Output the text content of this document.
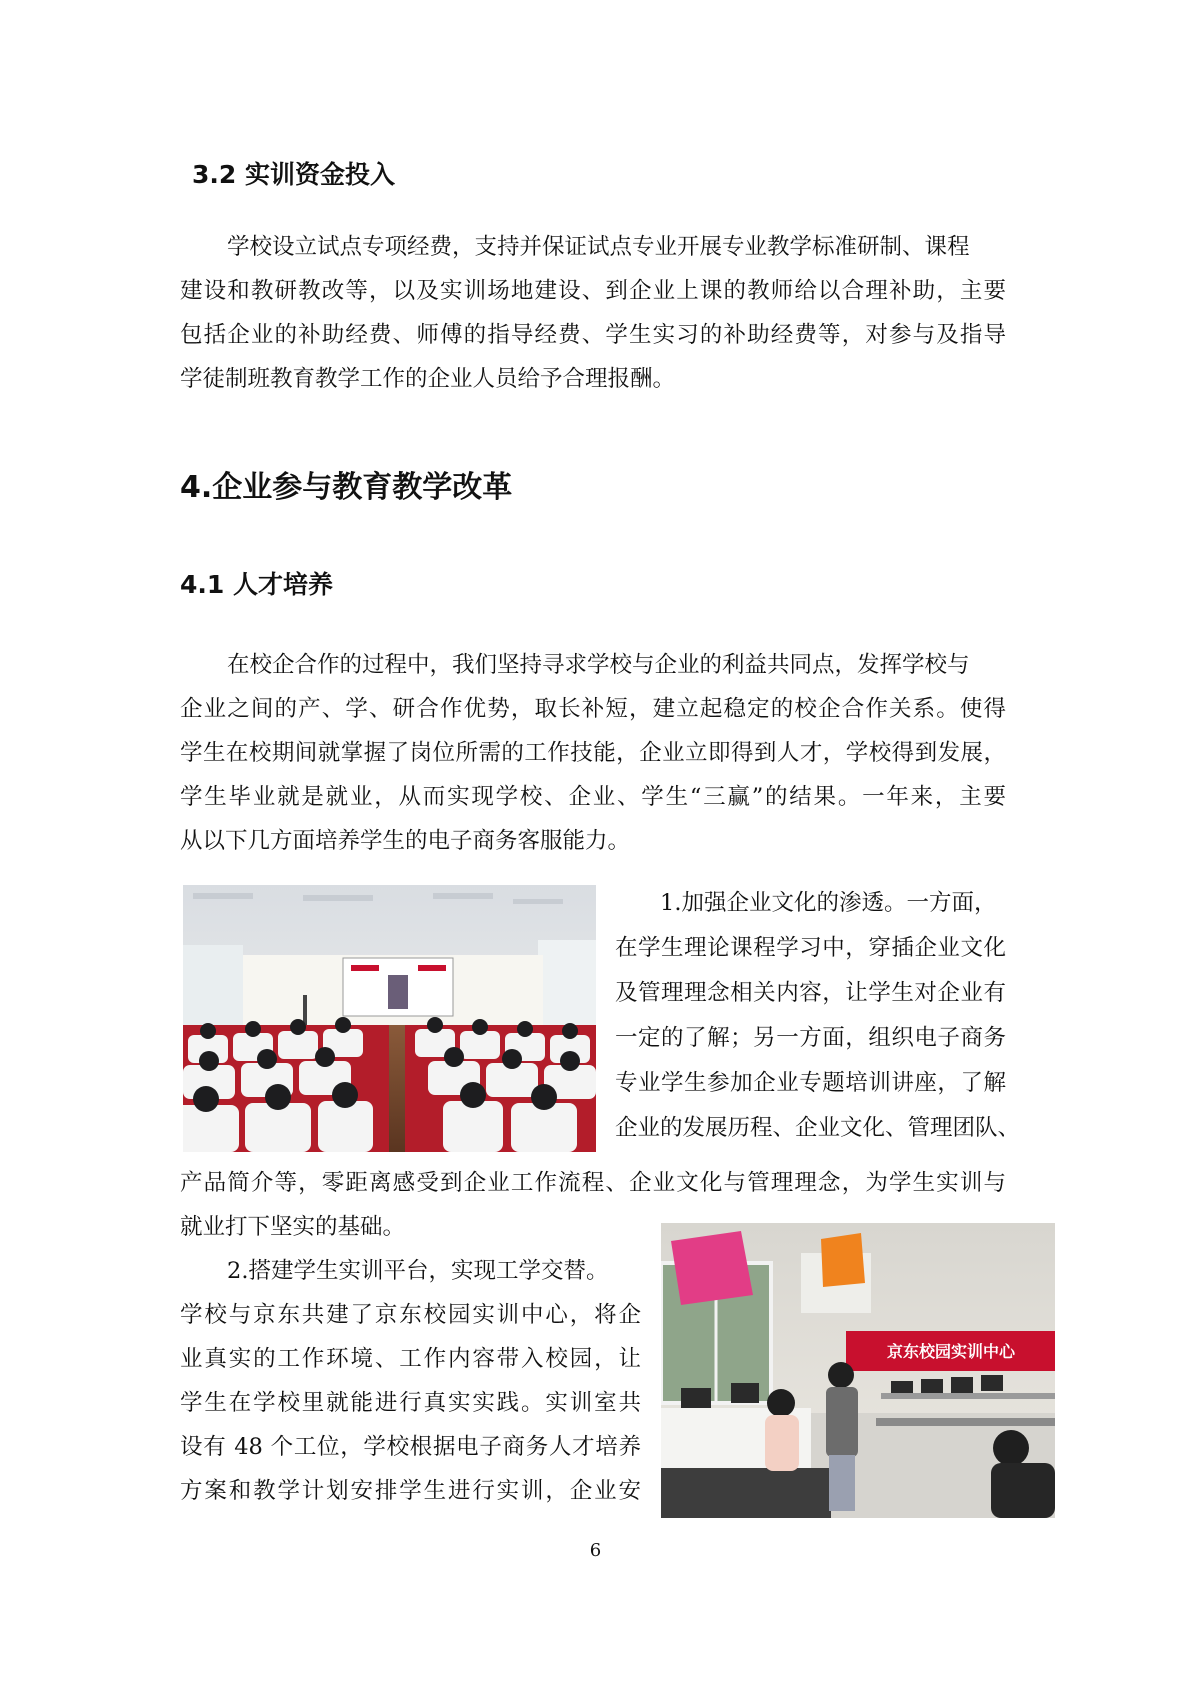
3.2 实训资金投入

学校设立试点专项经费，支持并保证试点专业开展专业教学标准研制、课程

建设和教研教改等，以及实训场地建设、到企业上课的教师给以合理补助，主要

包括企业的补助经费、师傅的指导经费、学生实习的补助经费等，对参与及指导

学徒制班教育教学工作的企业人员给予合理报酬。

4.企业参与教育教学改革
4.1 人才培养

在校企合作的过程中，我们坚持寻求学校与企业的利益共同点，发挥学校与

企业之间的产、学、研合作优势，取长补短，建立起稳定的校企合作关系。使得

学生在校期间就掌握了岗位所需的工作技能，企业立即得到人才，学校得到发展，

学生毕业就是就业，从而实现学校、企业、学生“三赢”的结果。一年来，主要

从以下几方面培养学生的电子商务客服能力。

1.加强企业文化的渗透。一方面，

在学生理论课程学习中，穿插企业文化

及管理理念相关内容，让学生对企业有

一定的了解；另一方面，组织电子商务

专业学生参加企业专题培训讲座，了解

企业的发展历程、企业文化、管理团队、

产品简介等，零距离感受到企业工作流程、企业文化与管理理念，为学生实训与

就业打下坚实的基础。

京东校园实训中心

2.搭建学生实训平台，实现工学交替。

学校与京东共建了京东校园实训中心，将企

业真实的工作环境、工作内容带入校园，让

学生在学校里就能进行真实实践。实训室共

设有 48 个工位，学校根据电子商务人才培养

方案和教学计划安排学生进行实训，企业安

6
